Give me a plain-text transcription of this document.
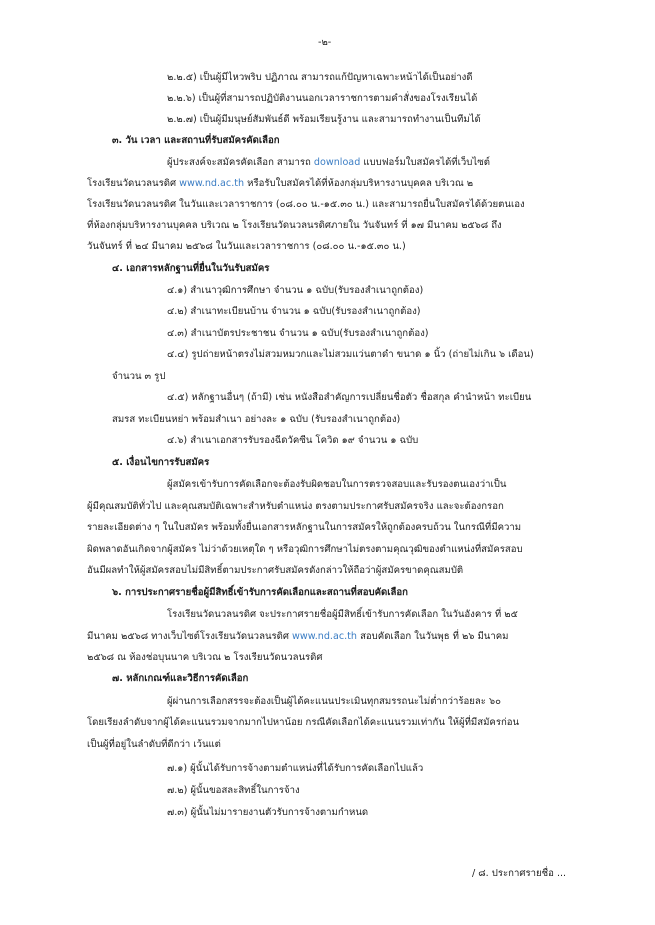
-๒-
๒.๒.๕) เป็นผู้มีไหวพริบ ปฏิภาณ สามารถแก้ปัญหาเฉพาะหน้าได้เป็นอย่างดี
๒.๒.๖) เป็นผู้ที่สามารถปฏิบัติงานนอกเวลาราชการตามคำสั่งของโรงเรียนได้
๒.๒.๗) เป็นผู้มีมนุษย์สัมพันธ์ดี พร้อมเรียนรู้งาน และสามารถทำงานเป็นทีมได้
๓. วัน เวลา และสถานที่รับสมัครคัดเลือก
ผู้ประสงค์จะสมัครคัดเลือก สามารถ download แบบฟอร์มใบสมัครได้ที่เว็บไซต์
โรงเรียนวัดนวลนรดิศ www.nd.ac.th หรือรับใบสมัครได้ที่ห้องกลุ่มบริหารงานบุคคล บริเวณ ๒
โรงเรียนวัดนวลนรดิศ ในวันและเวลาราชการ (๐๘.๐๐ น.-๑๕.๓๐ น.) และสามารถยื่นใบสมัครได้ด้วยตนเอง
ที่ห้องกลุ่มบริหารงานบุคคล บริเวณ ๒ โรงเรียนวัดนวลนรดิศภายใน วันจันทร์ ที่ ๑๗ มีนาคม ๒๕๖๘ ถึง
วันจันทร์ ที่ ๒๔ มีนาคม ๒๕๖๘ ในวันและเวลาราชการ (๐๘.๐๐ น.-๑๕.๓๐ น.)
๔. เอกสารหลักฐานที่ยื่นในวันรับสมัคร
๔.๑) สำเนาวุฒิการศึกษา จำนวน ๑ ฉบับ(รับรองสำเนาถูกต้อง)
๔.๒) สำเนาทะเบียนบ้าน จำนวน ๑ ฉบับ(รับรองสำเนาถูกต้อง)
๔.๓) สำเนาบัตรประชาชน จำนวน ๑ ฉบับ(รับรองสำเนาถูกต้อง)
๔.๔) รูปถ่ายหน้าตรงไม่สวมหมวกและไม่สวมแว่นตาดำ ขนาด ๑ นิ้ว (ถ่ายไม่เกิน ๖ เดือน)
จำนวน ๓ รูป
๔.๕) หลักฐานอื่นๆ (ถ้ามี) เช่น หนังสือสำคัญการเปลี่ยนชื่อตัว ชื่อสกุล คำนำหน้า ทะเบียน
สมรส ทะเบียนหย่า พร้อมสำเนา อย่างละ ๑ ฉบับ (รับรองสำเนาถูกต้อง)
๔.๖) สำเนาเอกสารรับรองฉีดวัคซีน โควิด ๑๙ จำนวน ๑ ฉบับ
๕. เงื่อนไขการรับสมัคร
ผู้สมัครเข้ารับการคัดเลือกจะต้องรับผิดชอบในการตรวจสอบและรับรองตนเองว่าเป็น
ผู้มีคุณสมบัติทั่วไป และคุณสมบัติเฉพาะสำหรับตำแหน่ง ตรงตามประกาศรับสมัครจริง และจะต้องกรอก
รายละเอียดต่าง ๆ ในใบสมัคร พร้อมทั้งยื่นเอกสารหลักฐานในการสมัครให้ถูกต้องครบถ้วน ในกรณีที่มีความ
ผิดพลาดอันเกิดจากผู้สมัคร ไม่ว่าด้วยเหตุใด ๆ หรือวุฒิการศึกษาไม่ตรงตามคุณวุฒิของตำแหน่งที่สมัครสอบ
อันมีผลทำให้ผู้สมัครสอบไม่มีสิทธิ์ตามประกาศรับสมัครดังกล่าวให้ถือว่าผู้สมัครขาดคุณสมบัติ
๖. การประกาศรายชื่อผู้มีสิทธิ์เข้ารับการคัดเลือกและสถานที่สอบคัดเลือก
โรงเรียนวัดนวลนรดิศ จะประกาศรายชื่อผู้มีสิทธิ์เข้ารับการคัดเลือก ในวันอังคาร ที่ ๒๕
มีนาคม ๒๕๖๘ ทางเว็บไซต์โรงเรียนวัดนวลนรดิศ www.nd.ac.th สอบคัดเลือก ในวันพุธ ที่ ๒๖ มีนาคม
๒๕๖๘ ณ ห้องช่อบุนนาค บริเวณ ๒ โรงเรียนวัดนวลนรดิศ
๗. หลักเกณฑ์และวิธีการคัดเลือก
ผู้ผ่านการเลือกสรรจะต้องเป็นผู้ได้คะแนนประเมินทุกสมรรถนะไม่ต่ำกว่าร้อยละ ๖๐
โดยเรียงลำดับจากผู้ได้คะแนนรวมจากมากไปหาน้อย กรณีคัดเลือกได้คะแนนรวมเท่ากัน ให้ผู้ที่มีสมัครก่อน
เป็นผู้ที่อยู่ในลำดับที่ดีกว่า เว้นแต่
๗.๑) ผู้นั้นได้รับการจ้างตามตำแหน่งที่ได้รับการคัดเลือกไปแล้ว
๗.๒) ผู้นั้นขอสละสิทธิ์ในการจ้าง
๗.๓) ผู้นั้นไม่มารายงานตัวรับการจ้างตามกำหนด
/ ๘. ประกาศรายชื่อ ...
